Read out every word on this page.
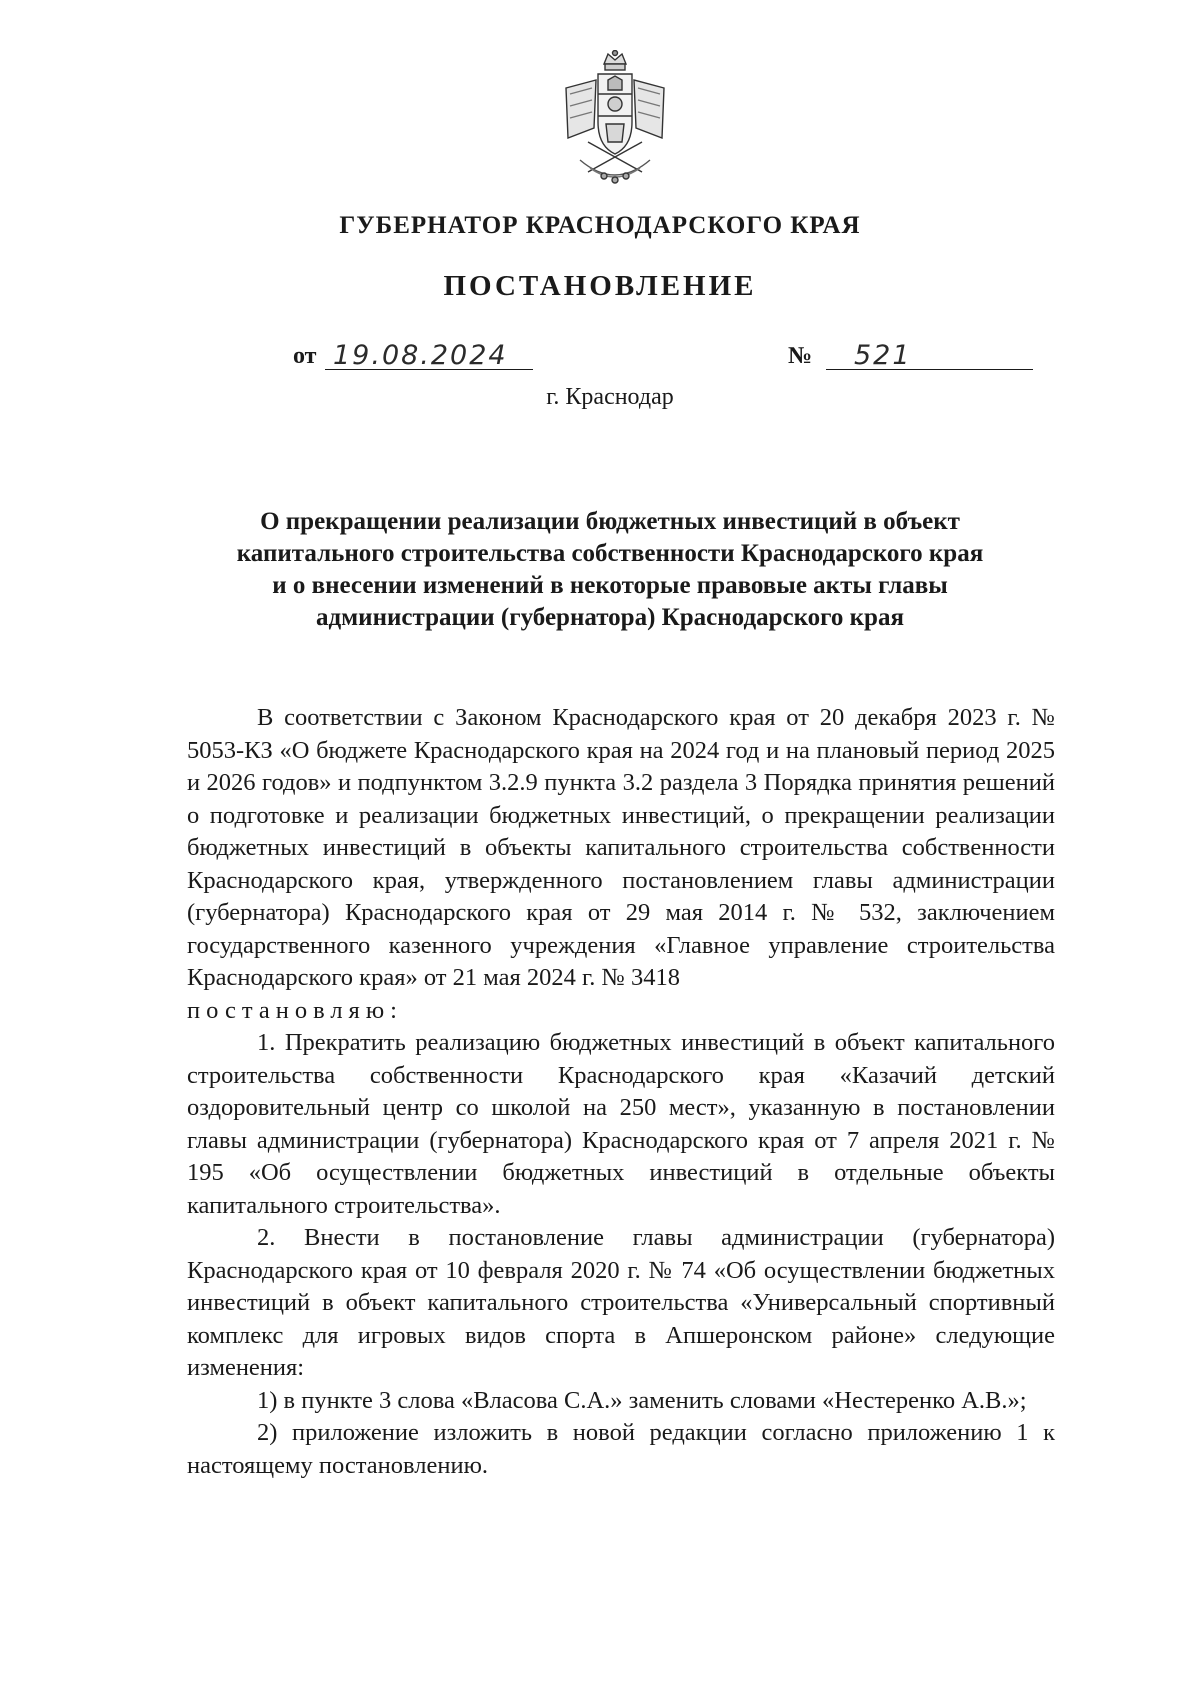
ГУБЕРНАТОР КРАСНОДАРСКОГО КРАЯ
ПОСТАНОВЛЕНИЕ
от 19.08.2024	№ 521
г. Краснодар
О прекращении реализации бюджетных инвестиций в объект
капитального строительства собственности Краснодарского края
и о внесении изменений в некоторые правовые акты главы
администрации (губернатора) Краснодарского края

В соответствии с Законом Краснодарского края от 20 декабря 2023 г. № 5053-КЗ «О бюджете Краснодарского края на 2024 год и на плановый период 2025 и 2026 годов» и подпунктом 3.2.9 пункта 3.2 раздела 3 Порядка принятия решений о подготовке и реализации бюджетных инвестиций, о прекращении реализации бюджетных инвестиций в объекты капитального строительства собственности Краснодарского края, утвержденного постановлением главы администрации (губернатора) Краснодарского края от 29 мая 2014 г. № 532, заключением государственного казенного учреждения «Главное управление строительства Краснодарского края» от 21 мая 2024 г. № 3418

постановляю:

1. Прекратить реализацию бюджетных инвестиций в объект капитального строительства собственности Краснодарского края «Казачий детский оздоровительный центр со школой на 250 мест», указанную в постановлении главы администрации (губернатора) Краснодарского края от 7 апреля 2021 г. № 195 «Об осуществлении бюджетных инвестиций в отдельные объекты капитального строительства».

2. Внести в постановление главы администрации (губернатора) Краснодарского края от 10 февраля 2020 г. № 74 «Об осуществлении бюджетных инвестиций в объект капитального строительства «Универсальный спортивный комплекс для игровых видов спорта в Апшеронском районе» следующие изменения:

1) в пункте 3 слова «Власова С.А.» заменить словами «Нестеренко А.В.»;

2) приложение изложить в новой редакции согласно приложению 1 к настоящему постановлению.
